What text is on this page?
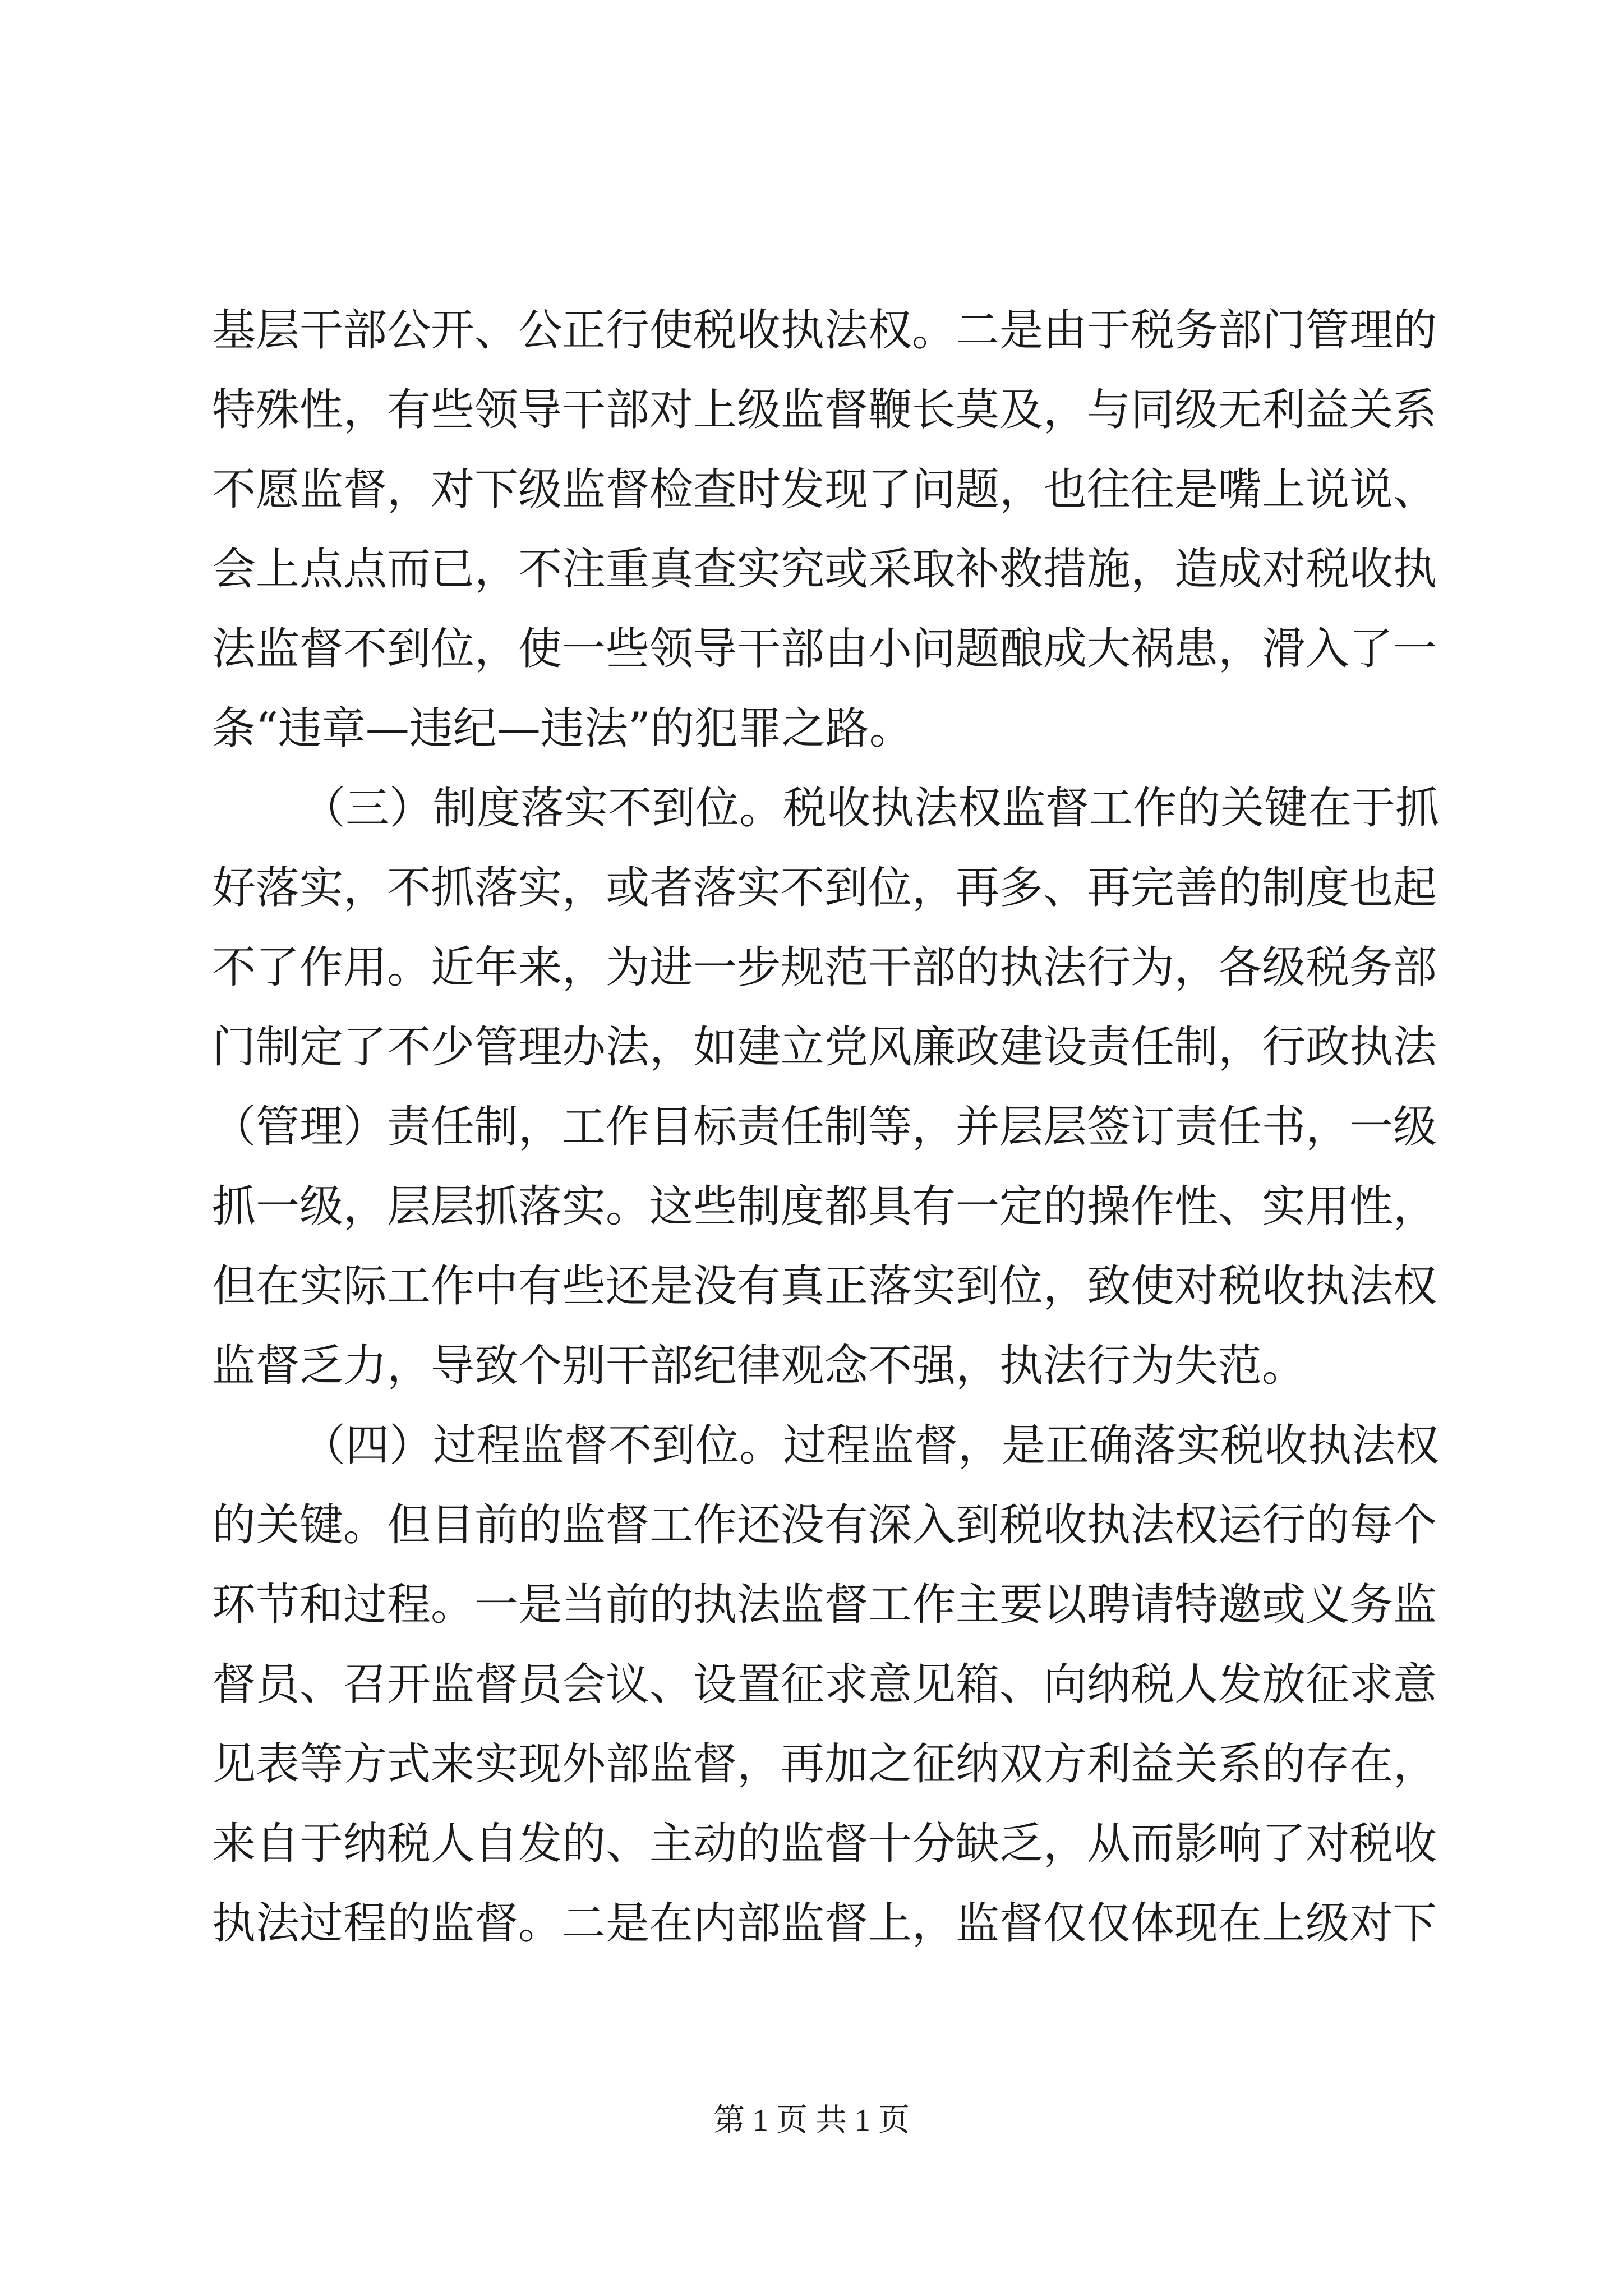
基层干部公开、公正行使税收执法权。二是由于税务部门管理的
特殊性，有些领导干部对上级监督鞭长莫及，与同级无利益关系
不愿监督，对下级监督检查时发现了问题，也往往是嘴上说说、
会上点点而已，不注重真查实究或采取补救措施，造成对税收执
法监督不到位，使一些领导干部由小问题酿成大祸患，滑入了一
条“违章—违纪—违法”的犯罪之路。
（三）制度落实不到位。税收执法权监督工作的关键在于抓
好落实，不抓落实，或者落实不到位，再多、再完善的制度也起
不了作用。近年来，为进一步规范干部的执法行为，各级税务部
门制定了不少管理办法，如建立党风廉政建设责任制，行政执法
（管理）责任制，工作目标责任制等，并层层签订责任书，一级
抓一级，层层抓落实。这些制度都具有一定的操作性、实用性，
但在实际工作中有些还是没有真正落实到位，致使对税收执法权
监督乏力，导致个别干部纪律观念不强，执法行为失范。
（四）过程监督不到位。过程监督，是正确落实税收执法权
的关键。但目前的监督工作还没有深入到税收执法权运行的每个
环节和过程。一是当前的执法监督工作主要以聘请特邀或义务监
督员、召开监督员会议、设置征求意见箱、向纳税人发放征求意
见表等方式来实现外部监督，再加之征纳双方利益关系的存在，
来自于纳税人自发的、主动的监督十分缺乏，从而影响了对税收
执法过程的监督。二是在内部监督上，监督仅仅体现在上级对下
第 1 页 共 1 页
